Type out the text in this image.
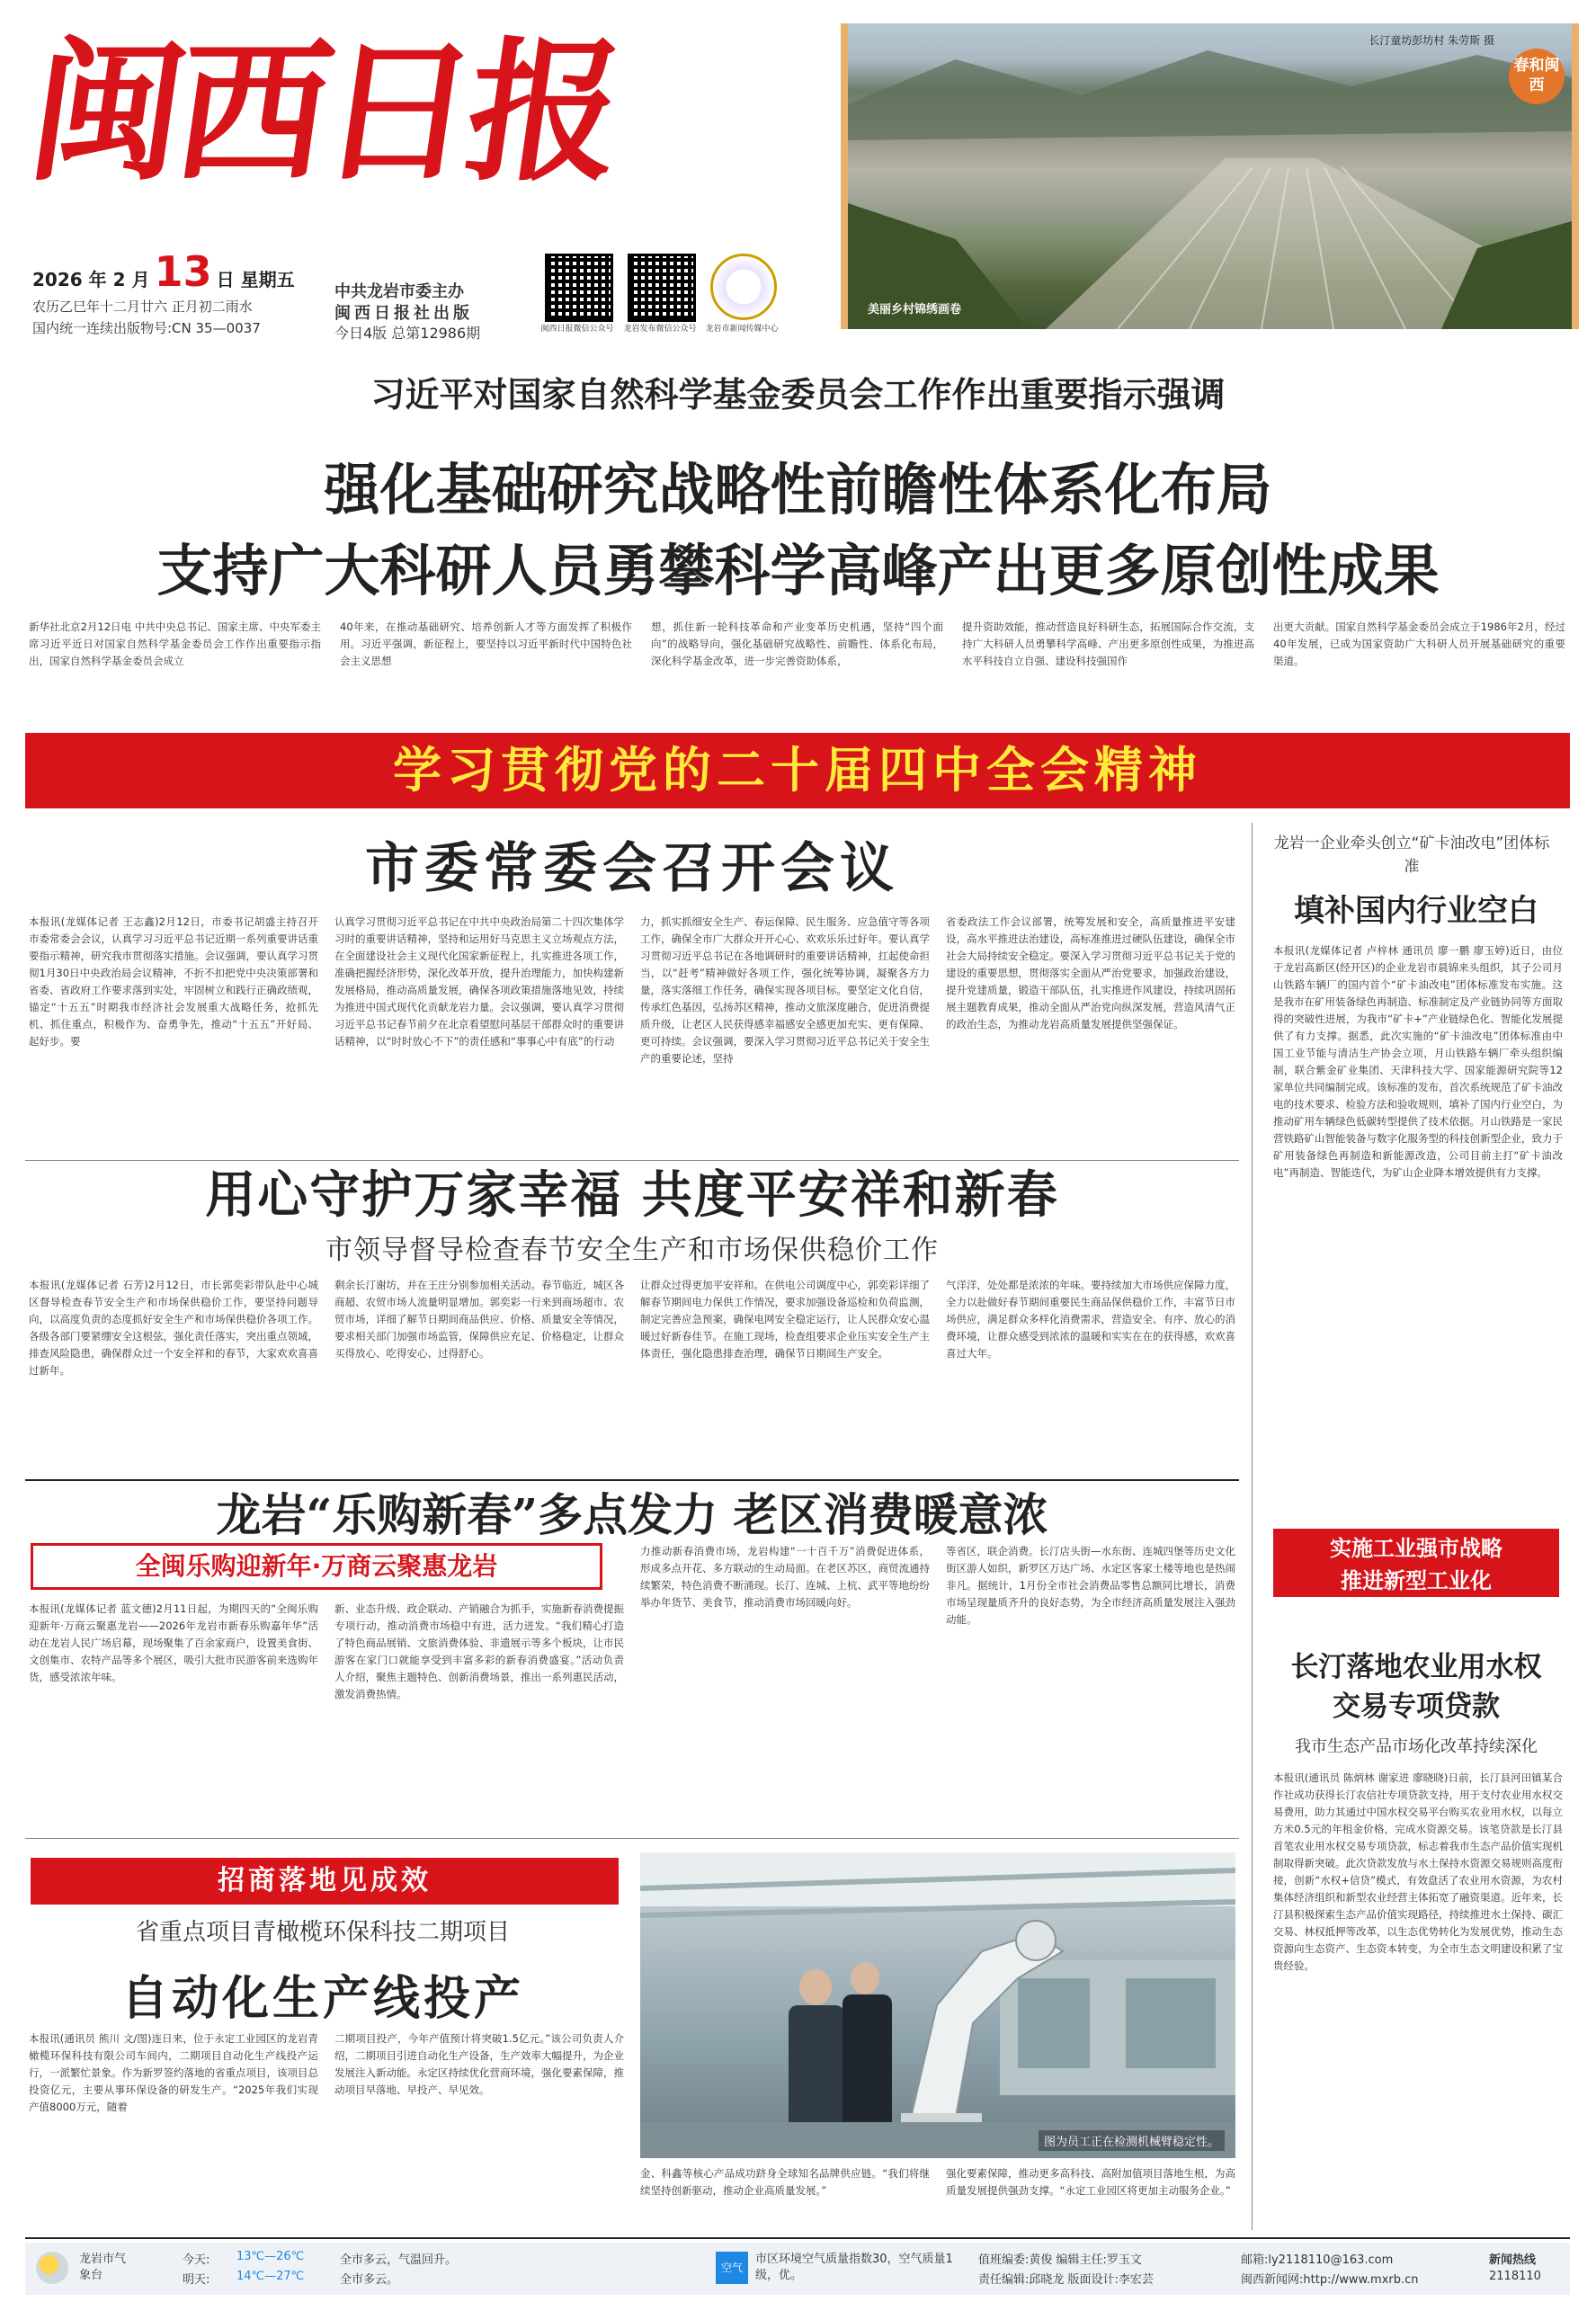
闽西日报
2026 年 2 月 13 日 星期五
农历乙巳年十二月廿六 正月初二雨水
国内统一连续出版物号:CN 35—0037
中共龙岩市委主办
闽西日报社出版
今日4版 总第12986期	闽西日报微信公众号 龙岩发布微信公众号 龙岩市新闻传媒中心
长汀童坊彭坊村 朱劳斯 摄
春和闽西
美丽乡村锦绣画卷
习近平对国家自然科学基金委员会工作作出重要指示强调
强化基础研究战略性前瞻性体系化布局
支持广大科研人员勇攀科学高峰产出更多原创性成果
新华社北京2月12日电 中共中央总书记、国家主席、中央军委主席习近平近日对国家自然科学基金委员会工作作出重要指示指出，国家自然科学基金委员会成立
40年来，在推动基础研究、培养创新人才等方面发挥了积极作用。习近平强调，新征程上，要坚持以习近平新时代中国特色社会主义思想
想，抓住新一轮科技革命和产业变革历史机遇，坚持“四个面向”的战略导向，强化基础研究战略性、前瞻性、体系化布局，深化科学基金改革，进一步完善资助体系，
提升资助效能，推动营造良好科研生态，拓展国际合作交流，支持广大科研人员勇攀科学高峰、产出更多原创性成果，为推进高水平科技自立自强、建设科技强国作
出更大贡献。国家自然科学基金委员会成立于1986年2月，经过40年发展，已成为国家资助广大科研人员开展基础研究的重要渠道。
学习贯彻党的二十届四中全会精神
市委常委会召开会议
本报讯(龙媒体记者 王志鑫)2月12日，市委书记胡盛主持召开市委常委会会议，认真学习习近平总书记近期一系列重要讲话重要指示精神，研究我市贯彻落实措施。会议强调，要认真学习贯彻1月30日中央政治局会议精神，不折不扣把党中央决策部署和省委、省政府工作要求落到实处，牢固树立和践行正确政绩观，锚定“十五五”时期我市经济社会发展重大战略任务，抢抓先机、抓住重点，积极作为、奋勇争先，推动“十五五”开好局、起好步。要
认真学习贯彻习近平总书记在中共中央政治局第二十四次集体学习时的重要讲话精神，坚持和运用好马克思主义立场观点方法，在全面建设社会主义现代化国家新征程上，扎实推进各项工作，准确把握经济形势，深化改革开放，提升治理能力，加快构建新发展格局，推动高质量发展，确保各项政策措施落地见效，持续为推进中国式现代化贡献龙岩力量。会议强调，要认真学习贯彻习近平总书记春节前夕在北京看望慰问基层干部群众时的重要讲话精神，以“时时放心不下”的责任感和“事事心中有底”的行动
力，抓实抓细安全生产、春运保障、民生服务、应急值守等各项工作，确保全市广大群众开开心心、欢欢乐乐过好年。要认真学习贯彻习近平总书记在各地调研时的重要讲话精神，扛起使命担当，以“赶考”精神做好各项工作，强化统筹协调，凝聚各方力量，落实落细工作任务，确保实现各项目标。要坚定文化自信，传承红色基因，弘扬苏区精神，推动文旅深度融合，促进消费提质升级，让老区人民获得感幸福感安全感更加充实、更有保障、更可持续。会议强调，要深入学习贯彻习近平总书记关于安全生产的重要论述，坚持
省委政法工作会议部署，统筹发展和安全，高质量推进平安建设，高水平推进法治建设，高标准推进过硬队伍建设，确保全市社会大局持续安全稳定。要深入学习贯彻习近平总书记关于党的建设的重要思想，贯彻落实全面从严治党要求，加强政治建设，提升党建质量，锻造干部队伍，扎实推进作风建设，持续巩固拓展主题教育成果，推动全面从严治党向纵深发展，营造风清气正的政治生态，为推动龙岩高质量发展提供坚强保证。
用心守护万家幸福 共度平安祥和新春
市领导督导检查春节安全生产和市场保供稳价工作
本报讯(龙媒体记者 石芳)2月12日，市长郭奕彩带队赴中心城区督导检查春节安全生产和市场保供稳价工作，要坚持问题导向，以高度负责的态度抓好安全生产和市场保供稳价各项工作。各级各部门要紧绷安全这根弦，强化责任落实，突出重点领域，排查风险隐患，确保群众过一个安全祥和的春节，大家欢欢喜喜过新年。
剩余长汀谢坊，并在王庄分别参加相关活动。春节临近，城区各商超、农贸市场人流量明显增加。郭奕彩一行来到商场超市、农贸市场，详细了解节日期间商品供应、价格、质量安全等情况，要求相关部门加强市场监管，保障供应充足、价格稳定，让群众买得放心、吃得安心、过得舒心。
让群众过得更加平安祥和。在供电公司调度中心，郭奕彩详细了解春节期间电力保供工作情况，要求加强设备巡检和负荷监测，制定完善应急预案，确保电网安全稳定运行，让人民群众安心温暖过好新春佳节。在施工现场，检查组要求企业压实安全生产主体责任，强化隐患排查治理，确保节日期间生产安全。
气洋洋，处处都是浓浓的年味。要持续加大市场供应保障力度，全力以赴做好春节期间重要民生商品保供稳价工作，丰富节日市场供应，满足群众多样化消费需求，营造安全、有序、放心的消费环境，让群众感受到浓浓的温暖和实实在在的获得感，欢欢喜喜过大年。
龙岩“乐购新春”多点发力 老区消费暖意浓
全闽乐购迎新年·万商云聚惠龙岩
本报讯(龙媒体记者 蓝文德)2月11日起，为期四天的“全闽乐购迎新年·万商云聚惠龙岩——2026年龙岩市新春乐购嘉年华”活动在龙岩人民广场启幕，现场聚集了百余家商户，设置美食街、文创集市、农特产品等多个展区，吸引大批市民游客前来选购年货，感受浓浓年味。
新、业态升级、政企联动、产销融合为抓手，实施新春消费提振专项行动，推动消费市场稳中有进，活力迸发。“我们精心打造了特色商品展销、文旅消费体验、非遗展示等多个板块，让市民游客在家门口就能享受到丰富多彩的新春消费盛宴。”活动负责人介绍，聚焦主题特色、创新消费场景，推出一系列惠民活动，激发消费热情。
力推动新春消费市场，龙岩构建“一十百千万”消费促进体系，形成多点开花、多方联动的生动局面。在老区苏区，商贸流通持续繁荣，特色消费不断涌现。长汀、连城、上杭、武平等地纷纷举办年货节、美食节，推动消费市场回暖向好。
等省区，联企消费。长汀店头街—水东街、连城四堡等历史文化街区游人如织，新罗区万达广场、永定区客家土楼等地也是热闹非凡。据统计，1月份全市社会消费品零售总额同比增长，消费市场呈现量质齐升的良好态势，为全市经济高质量发展注入强劲动能。
招商落地见成效
省重点项目青橄榄环保科技二期项目
自动化生产线投产
本报讯(通讯员 熊川 文/图)连日来，位于永定工业园区的龙岩青橄榄环保科技有限公司车间内，二期项目自动化生产线投产运行，一派繁忙景象。作为新罗签约落地的省重点项目，该项目总投资亿元，主要从事环保设备的研发生产。“2025年我们实现产值8000万元，随着
二期项目投产，今年产值预计将突破1.5亿元。”该公司负责人介绍，二期项目引进自动化生产设备，生产效率大幅提升，为企业发展注入新动能。永定区持续优化营商环境，强化要素保障，推动项目早落地、早投产、早见效。
金、科鑫等核心产品成功跻身全球知名品牌供应链。“我们将继续坚持创新驱动，推动企业高质量发展。”
强化要素保障，推动更多高科技、高附加值项目落地生根，为高质量发展提供强劲支撑。“永定工业园区将更加主动服务企业。”
图为员工正在检测机械臂稳定性。
龙岩一企业牵头创立“矿卡油改电”团体标准
填补国内行业空白
本报讯(龙媒体记者 卢梓林 通讯员 廖一鹏 廖玉婷)近日，由位于龙岩高新区(经开区)的企业龙岩市晨锦来头组织，其子公司月山铁路车辆厂的国内首个“矿卡油改电”团体标准发布实施。这是我市在矿用装备绿色再制造、标准制定及产业链协同等方面取得的突破性进展，为我市“矿卡+”产业链绿色化、智能化发展提供了有力支撑。据悉，此次实施的“矿卡油改电”团体标准由中国工业节能与清洁生产协会立项，月山铁路车辆厂牵头组织编制，联合紫金矿业集团、天津科技大学、国家能源研究院等12家单位共同编制完成。该标准的发布，首次系统规范了矿卡油改电的技术要求、检验方法和验收规则，填补了国内行业空白，为推动矿用车辆绿色低碳转型提供了技术依据。月山铁路是一家民营铁路矿山智能装备与数字化服务型的科技创新型企业，致力于矿用装备绿色再制造和新能源改造，公司目前主打“矿卡油改电”再制造、智能迭代，为矿山企业降本增效提供有力支撑。
实施工业强市战略
推进新型工业化
长汀落地农业用水权
交易专项贷款
我市生态产品市场化改革持续深化
本报讯(通讯员 陈炳林 谢家进 廖晓晓)日前，长汀县河田镇某合作社成功获得长汀农信社专项贷款支持，用于支付农业用水权交易费用，助力其通过中国水权交易平台购买农业用水权，以每立方米0.5元的年租金价格，完成水资源交易。该笔贷款是长汀县首笔农业用水权交易专项贷款，标志着我市生态产品价值实现机制取得新突破。此次贷款发放与水土保持水资源交易规则高度衔接，创新“水权+信贷”模式，有效盘活了农业用水资源，为农村集体经济组织和新型农业经营主体拓宽了融资渠道。近年来，长汀县积极探索生态产品价值实现路径，持续推进水土保持、碳汇交易、林权抵押等改革，以生态优势转化为发展优势，推动生态资源向生态资产、生态资本转变，为全市生态文明建设积累了宝贵经验。
龙岩市气象台
今天: 13℃—26℃	全市多云，气温回升。
明天: 14℃—27℃	全市多云。
空气
市区环境空气质量指数30，空气质量1级，优。
值班编委:黄俊 编辑主任:罗玉文
责任编辑:邱晓龙 版面设计:李宏芸
邮箱:ly2118110@163.com
闽西新闻网:http://www.mxrb.cn
新闻热线
2118110
